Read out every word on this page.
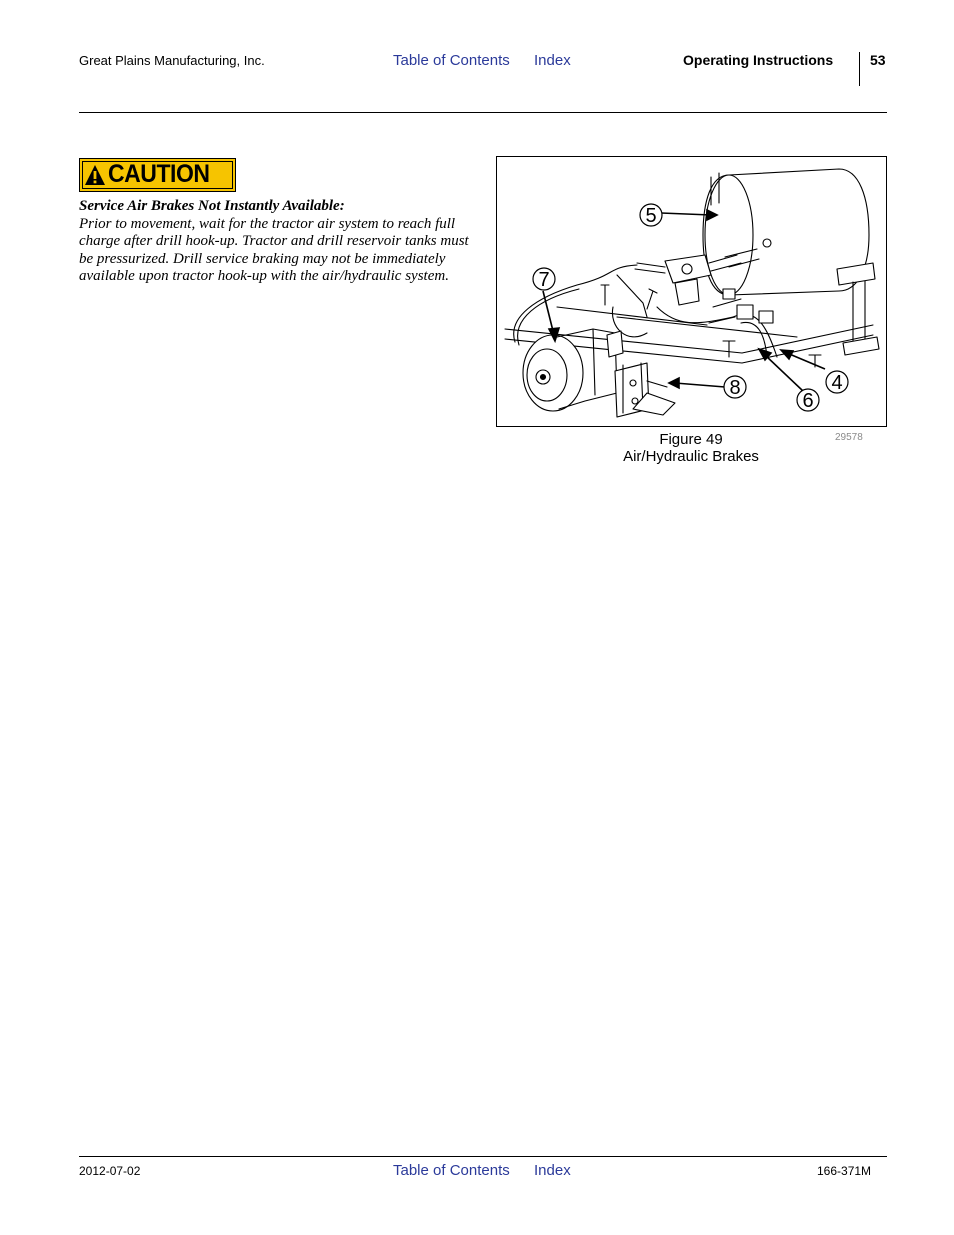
Great Plains Manufacturing, Inc.	Table of Contents Index	Operating Instructions	53
CAUTION
Service Air Brakes Not Instantly Available:
Prior to movement, wait for the tractor air system to reach full charge after drill hook-up. Tractor and drill reservoir tanks must be pressurized. Drill service braking may not be immediately available upon tractor hook-up with the air/hydraulic system.
5
7
8	4
6
Figure 49
Air/Hydraulic Brakes
29578
2012-07-02	Table of Contents Index	166-371M
